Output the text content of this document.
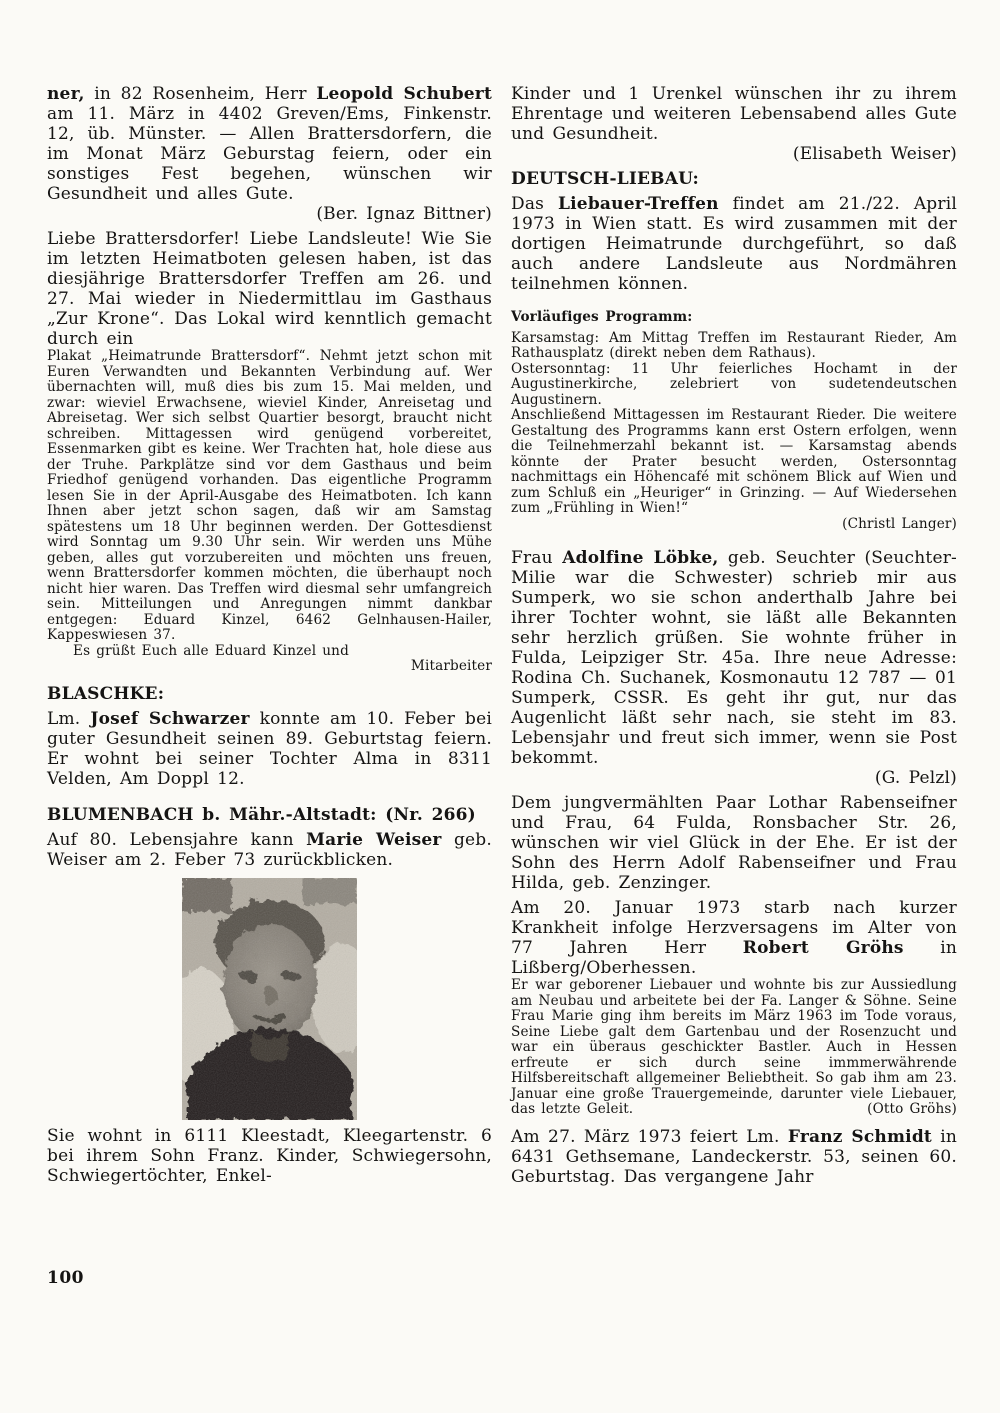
ner, in 82 Rosenheim, Herr Leopold Schubert am 11. März in 4402 Greven/Ems, Finkenstr. 12, üb. Münster. — Allen Brattersdorfern, die im Monat März Geburstag feiern, oder ein sonstiges Fest begehen, wünschen wir Gesundheit und alles Gute.

(Ber. Ignaz Bittner)

Liebe Brattersdorfer! Liebe Landsleute! Wie Sie im letzten Heimatboten gelesen haben, ist das diesjährige Brattersdorfer Treffen am 26. und 27. Mai wieder in Niedermittlau im Gasthaus „Zur Krone“. Das Lokal wird kenntlich gemacht durch ein

Plakat „Heimatrunde Brattersdorf“. Nehmt jetzt schon mit Euren Verwandten und Bekannten Verbindung auf. Wer übernachten will, muß dies bis zum 15. Mai melden, und zwar: wieviel Erwachsene, wieviel Kinder, Anreisetag und Abreisetag. Wer sich selbst Quartier besorgt, braucht nicht schreiben. Mittagessen wird genügend vorbereitet, Essenmarken gibt es keine. Wer Trachten hat, hole diese aus der Truhe. Parkplätze sind vor dem Gasthaus und beim Friedhof genügend vorhanden. Das eigentliche Programm lesen Sie in der April-Ausgabe des Heimatboten. Ich kann Ihnen aber jetzt schon sagen, daß wir am Samstag spätestens um 18 Uhr beginnen werden. Der Gottesdienst wird Sonntag um 9.30 Uhr sein. Wir werden uns Mühe geben, alles gut vorzubereiten und möchten uns freuen, wenn Brattersdorfer kommen möchten, die überhaupt noch nicht hier waren. Das Treffen wird diesmal sehr umfangreich sein. Mitteilungen und Anregungen nimmt dankbar entgegen: Eduard Kinzel, 6462 Gelnhausen-Hailer, Kappeswiesen 37.

Es grüßt Euch alle Eduard Kinzel und

Mitarbeiter

BLASCHKE:

Lm. Josef Schwarzer konnte am 10. Feber bei guter Gesundheit seinen 89. Geburtstag feiern. Er wohnt bei seiner Tochter Alma in 8311 Velden, Am Doppl 12.

BLUMENBACH b. Mähr.-Altstadt: (Nr. 266)

Auf 80. Lebensjahre kann Marie Weiser geb. Weiser am 2. Feber 73 zurückblicken.

Sie wohnt in 6111 Kleestadt, Kleegartenstr. 6 bei ihrem Sohn Franz. Kinder, Schwiegersohn, Schwiegertöchter, Enkel-

Kinder und 1 Urenkel wünschen ihr zu ihrem Ehrentage und weiteren Lebensabend alles Gute und Gesundheit.

(Elisabeth Weiser)

DEUTSCH-LIEBAU:

Das Liebauer-Treffen findet am 21./22. April 1973 in Wien statt. Es wird zusammen mit der dortigen Heimatrunde durchgeführt, so daß auch andere Landsleute aus Nordmähren teilnehmen können.

Vorläufiges Programm:

Karsamstag: Am Mittag Treffen im Restaurant Rieder, Am Rathausplatz (direkt neben dem Rathaus).

Ostersonntag: 11 Uhr feierliches Hochamt in der Augustinerkirche, zelebriert von sudetendeutschen Augustinern.

Anschließend Mittagessen im Restaurant Rieder. Die weitere Gestaltung des Programms kann erst Ostern erfolgen, wenn die Teilnehmerzahl bekannt ist. — Karsamstag abends könnte der Prater besucht werden, Ostersonntag nachmittags ein Höhencafé mit schönem Blick auf Wien und zum Schluß ein „Heuriger“ in Grinzing. — Auf Wiedersehen zum „Frühling in Wien!“

(Christl Langer)

Frau Adolfine Löbke, geb. Seuchter (Seuchter-Milie war die Schwester) schrieb mir aus Sumperk, wo sie schon anderthalb Jahre bei ihrer Tochter wohnt, sie läßt alle Bekannten sehr herzlich grüßen. Sie wohnte früher in Fulda, Leipziger Str. 45a. Ihre neue Adresse: Rodina Ch. Suchanek, Kosmonautu 12 787 — 01 Sumperk, CSSR. Es geht ihr gut, nur das Augenlicht läßt sehr nach, sie steht im 83. Lebensjahr und freut sich immer, wenn sie Post bekommt.

(G. Pelzl)

Dem jungvermählten Paar Lothar Rabenseifner und Frau, 64 Fulda, Ronsbacher Str. 26, wünschen wir viel Glück in der Ehe. Er ist der Sohn des Herrn Adolf Rabenseifner und Frau Hilda, geb. Zenzinger.

Am 20. Januar 1973 starb nach kurzer Krankheit infolge Herzversagens im Alter von 77 Jahren Herr Robert Gröhs in Lißberg/Oberhessen.

Er war geborener Liebauer und wohnte bis zur Aussiedlung am Neubau und arbeitete bei der Fa. Langer & Söhne. Seine Frau Marie ging ihm bereits im März 1963 im Tode voraus, Seine Liebe galt dem Gartenbau und der Rosenzucht und war ein überaus geschickter Bastler. Auch in Hessen erfreute er sich durch seine immmerwährende Hilfsbereitschaft allgemeiner Beliebtheit. So gab ihm am 23. Januar eine große Trauergemeinde, darunter viele Liebauer, das letzte Geleit.	(Otto Gröhs)

Am 27. März 1973 feiert Lm. Franz Schmidt in 6431 Gethsemane, Landeckerstr. 53, seinen 60. Geburtstag. Das vergangene Jahr

100
